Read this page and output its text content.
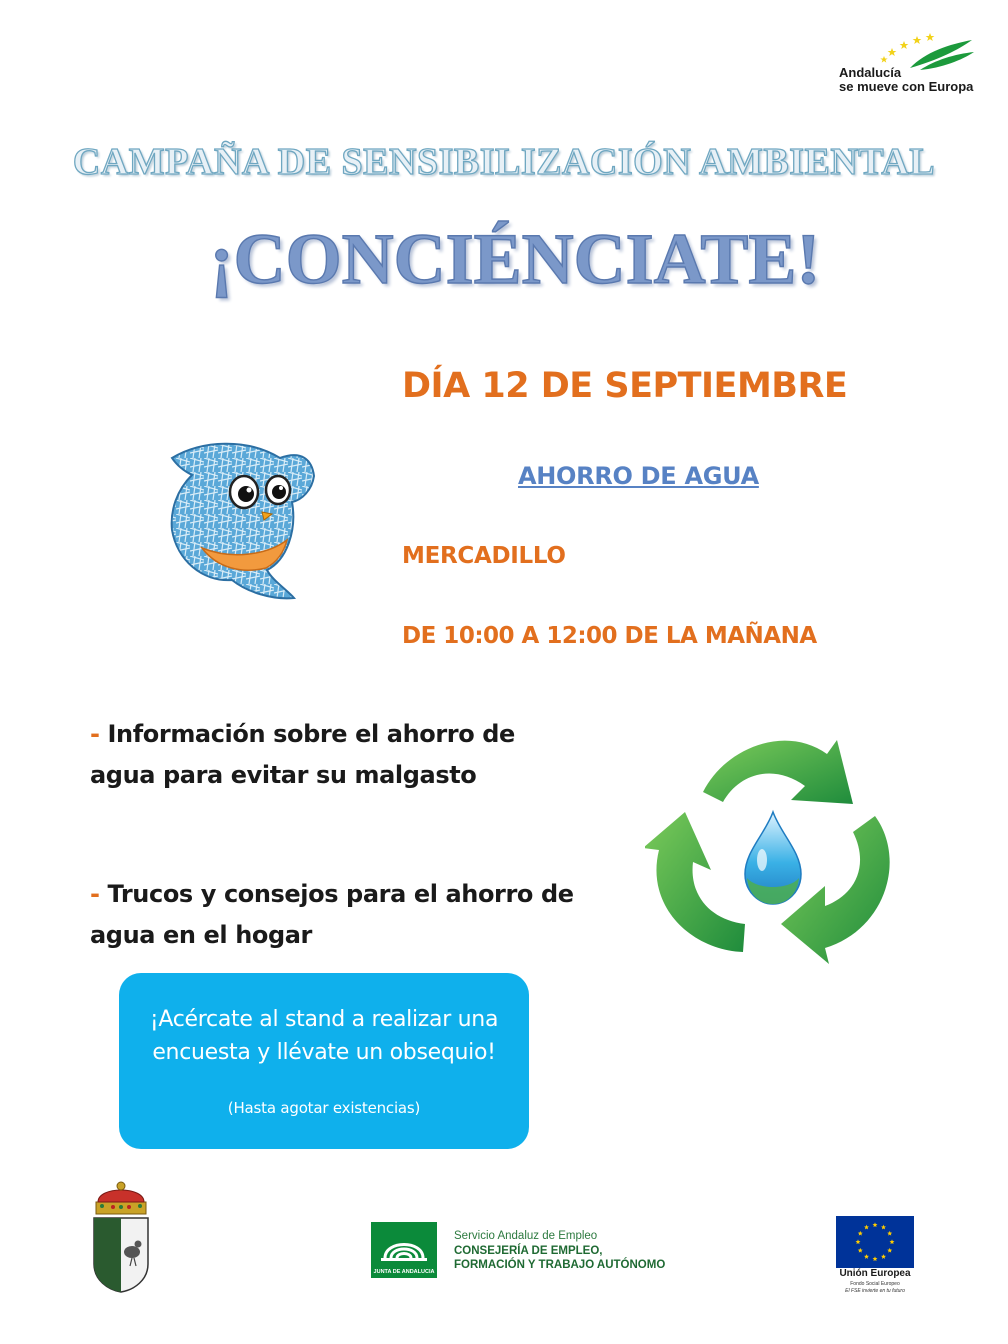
Andalucía
se mueve con Europa
CAMPAÑA DE SENSIBILIZACIÓN AMBIENTAL
¡CONCIÉNCIATE!
DÍA 12 DE SEPTIEMBRE
AHORRO DE AGUA
MERCADILLO
DE 10:00 A 12:00 DE LA MAÑANA
- Información sobre el ahorro de agua para evitar su malgasto
- Trucos y consejos para el ahorro de agua en el hogar
¡Acércate al stand a realizar una encuesta y llévate un obsequio!
(Hasta agotar existencias)
JUNTA DE ANDALUCIA
Servicio Andaluz de Empleo
CONSEJERÍA DE EMPLEO,
FORMACIÓN Y TRABAJO AUTÓNOMO
Unión Europea
Fondo Social Europeo
El FSE invierte en tu futuro
